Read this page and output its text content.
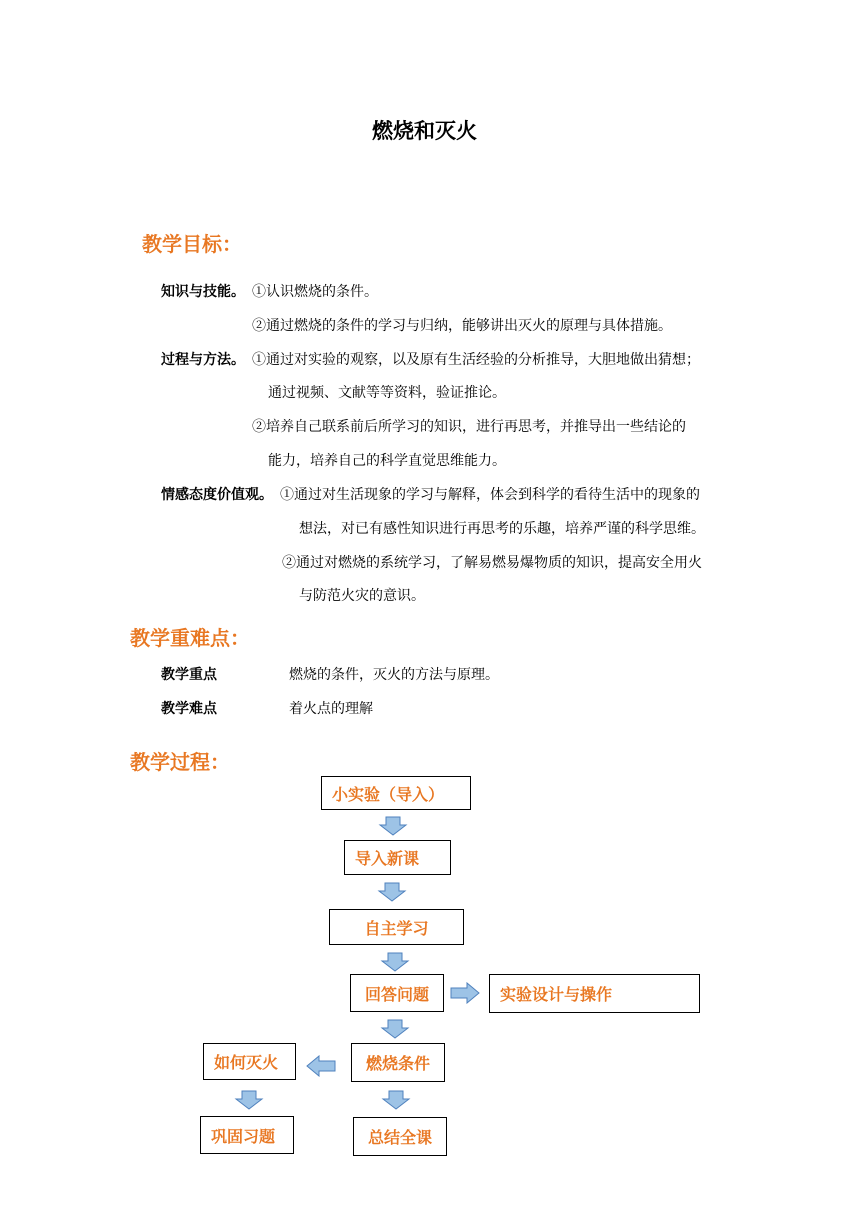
燃烧和灭火
教学目标：
知识与技能。 ①认识燃烧的条件。
②通过燃烧的条件的学习与归纳，能够讲出灭火的原理与具体措施。
过程与方法。 ①通过对实验的观察，以及原有生活经验的分析推导，大胆地做出猜想；
通过视频、文献等等资料，验证推论。
②培养自己联系前后所学习的知识，进行再思考，并推导出一些结论的
能力，培养自己的科学直觉思维能力。
情感态度价值观。 ①通过对生活现象的学习与解释，体会到科学的看待生活中的现象的
想法，对已有感性知识进行再思考的乐趣，培养严谨的科学思维。
②通过对燃烧的系统学习，了解易燃易爆物质的知识，提高安全用火
与防范火灾的意识。
教学重难点：
教学重点	燃烧的条件，灭火的方法与原理。
教学难点	着火点的理解
教学过程：
小实验（导入）
导入新课
自主学习
回答问题	实验设计与操作
燃烧条件
如何灭火
巩固习题	总结全课
